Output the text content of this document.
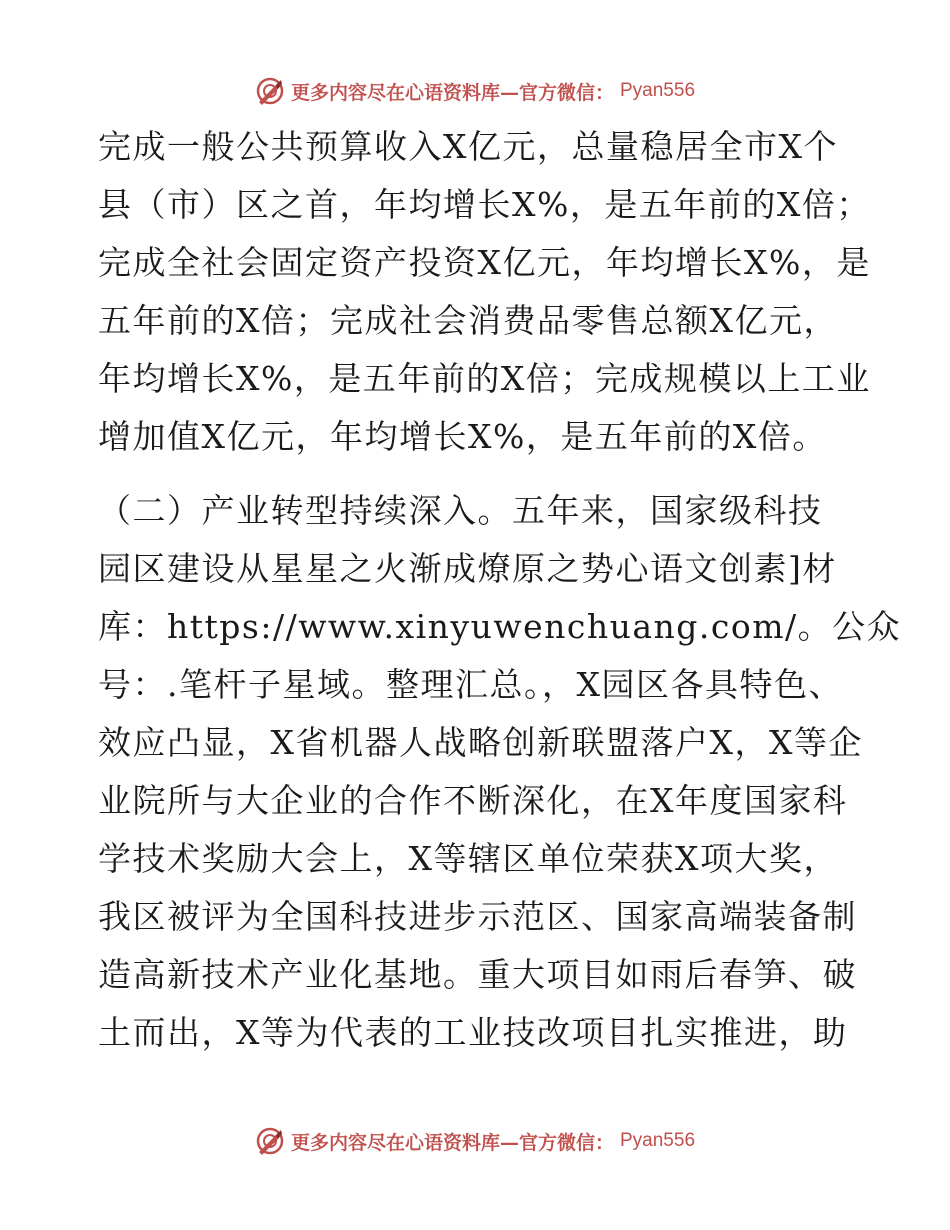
更多内容尽在心语资料库—官方微信： Pyan556

完成一般公共预算收入X亿元，总量稳居全市X个
县（市）区之首，年均增长X%，是五年前的X倍；
完成全社会固定资产投资X亿元，年均增长X%，是
五年前的X倍；完成社会消费品零售总额X亿元，
年均增长X%，是五年前的X倍；完成规模以上工业
增加值X亿元，年均增长X%，是五年前的X倍。

（二）产业转型持续深入。五年来，国家级科技
园区建设从星星之火渐成燎原之势心语文创素]材
库：https://www.xinyuwenchuang.com/。公众
号：.笔杆子星域。整理汇总。，X园区各具特色、
效应凸显，X省机器人战略创新联盟落户X，X等企
业院所与大企业的合作不断深化，在X年度国家科
学技术奖励大会上，X等辖区单位荣获X项大奖，
我区被评为全国科技进步示范区、国家高端装备制
造高新技术产业化基地。重大项目如雨后春笋、破
土而出，X等为代表的工业技改项目扎实推进，助

更多内容尽在心语资料库—官方微信： Pyan556
